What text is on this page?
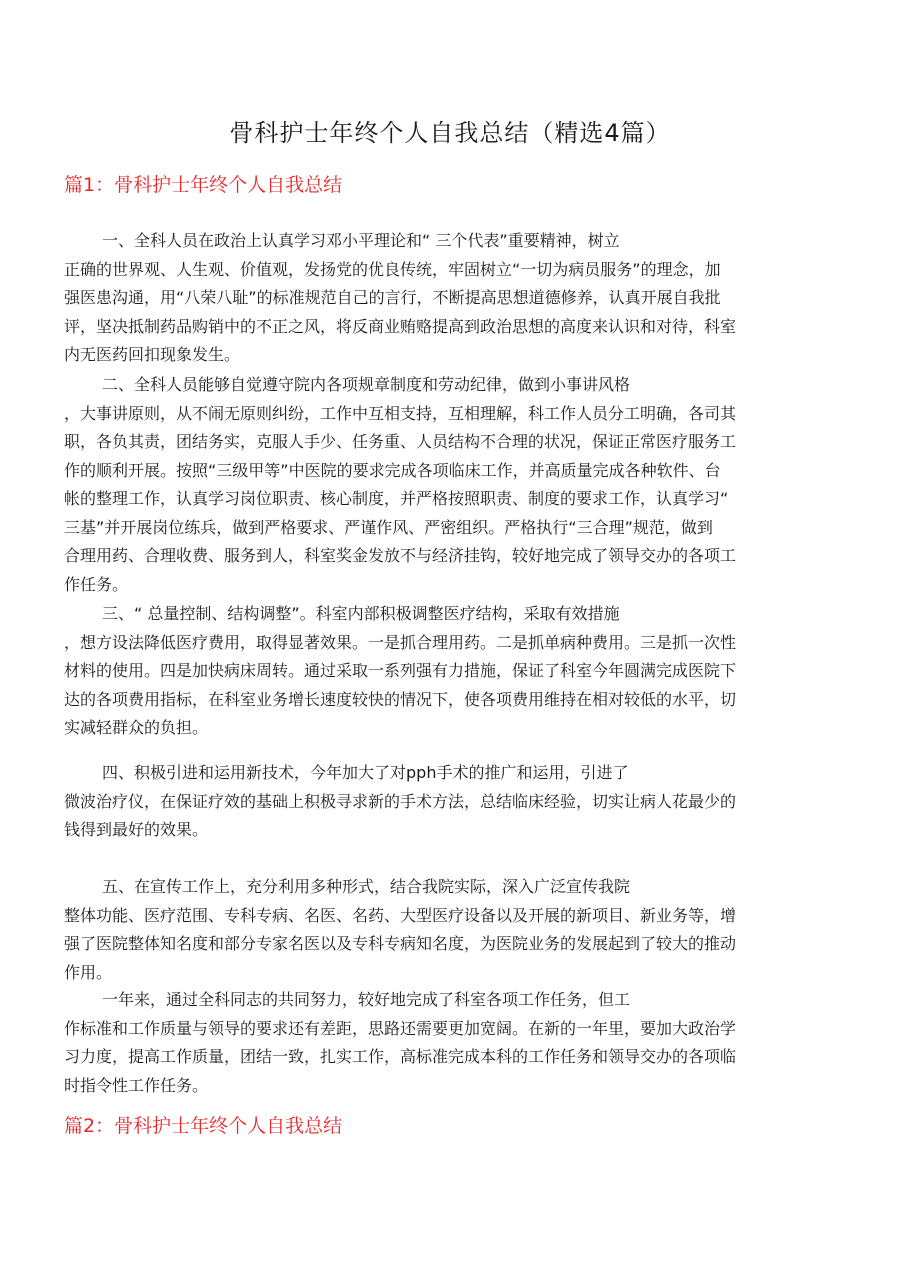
骨科护士年终个人自我总结（精选4篇）
篇1：骨科护士年终个人自我总结
一、全科人员在政治上认真学习邓小平理论和“ 三个代表”重要精神，树立
正确的世界观、人生观、价值观，发扬党的优良传统，牢固树立“一切为病员服务”的理念，加
强医患沟通，用“八荣八耻”的标准规范自己的言行，不断提高思想道德修养，认真开展自我批
评，坚决抵制药品购销中的不正之风，将反商业贿赂提高到政治思想的高度来认识和对待，科室
内无医药回扣现象发生。
二、全科人员能够自觉遵守院内各项规章制度和劳动纪律，做到小事讲风格
，大事讲原则，从不闹无原则纠纷，工作中互相支持，互相理解，科工作人员分工明确，各司其
职，各负其责，团结务实，克服人手少、任务重、人员结构不合理的状况，保证正常医疗服务工
作的顺利开展。按照“三级甲等”中医院的要求完成各项临床工作，并高质量完成各种软件、台
帐的整理工作，认真学习岗位职责、核心制度，并严格按照职责、制度的要求工作，认真学习“
三基”并开展岗位练兵，做到严格要求、严谨作风、严密组织。严格执行“三合理”规范，做到
合理用药、合理收费、服务到人，科室奖金发放不与经济挂钩，较好地完成了领导交办的各项工
作任务。
三、“ 总量控制、结构调整”。科室内部积极调整医疗结构，采取有效措施
，想方设法降低医疗费用，取得显著效果。一是抓合理用药。二是抓单病种费用。三是抓一次性
材料的使用。四是加快病床周转。通过采取一系列强有力措施，保证了科室今年圆满完成医院下
达的各项费用指标，在科室业务增长速度较快的情况下，使各项费用维持在相对较低的水平，切
实减轻群众的负担。
四、积极引进和运用新技术，今年加大了对pph手术的推广和运用，引进了
微波治疗仪，在保证疗效的基础上积极寻求新的手术方法，总结临床经验，切实让病人花最少的
钱得到最好的效果。
五、在宣传工作上，充分利用多种形式，结合我院实际，深入广泛宣传我院
整体功能、医疗范围、专科专病、名医、名药、大型医疗设备以及开展的新项目、新业务等，增
强了医院整体知名度和部分专家名医以及专科专病知名度，为医院业务的发展起到了较大的推动
作用。
一年来，通过全科同志的共同努力，较好地完成了科室各项工作任务，但工
作标准和工作质量与领导的要求还有差距，思路还需要更加宽阔。在新的一年里，要加大政治学
习力度，提高工作质量，团结一致，扎实工作，高标准完成本科的工作任务和领导交办的各项临
时指令性工作任务。
篇2：骨科护士年终个人自我总结
